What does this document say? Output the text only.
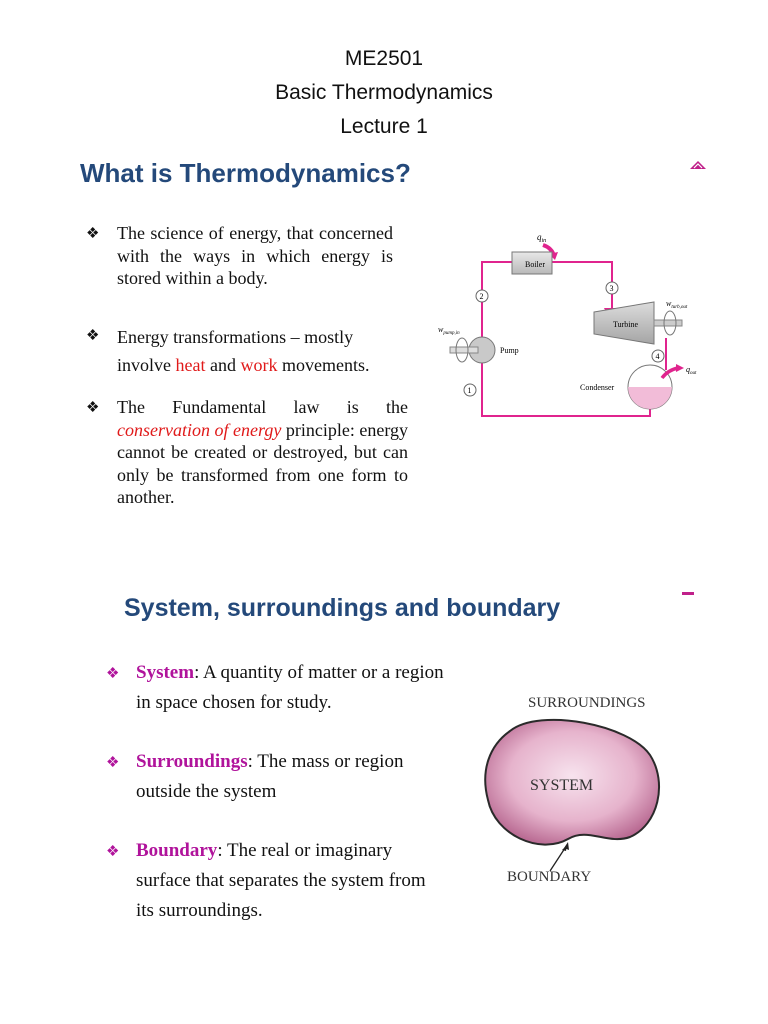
ME2501
Basic Thermodynamics
Lecture 1
What is Thermodynamics?
❖ The science of energy, that concerned with the ways in which energy is stored within a body.
❖ Energy transformations – mostly involve heat and work movements.
❖ The Fundamental law is the conservation of energy principle: energy cannot be created or destroyed, but can only be transformed from one form to another.
$q_{in}$
Boiler
Turbine
$w_{turb,out}$
Pump
$w_{pump,in}$
Condenser
$q_{out}$
2
3
4
1
System, surroundings and boundary
❖ System: A quantity of matter or a region in space chosen for study.
❖ Surroundings: The mass or region outside the system
❖ Boundary: The real or imaginary surface that separates the system from its surroundings.
SURROUNDINGS
SYSTEM
BOUNDARY
